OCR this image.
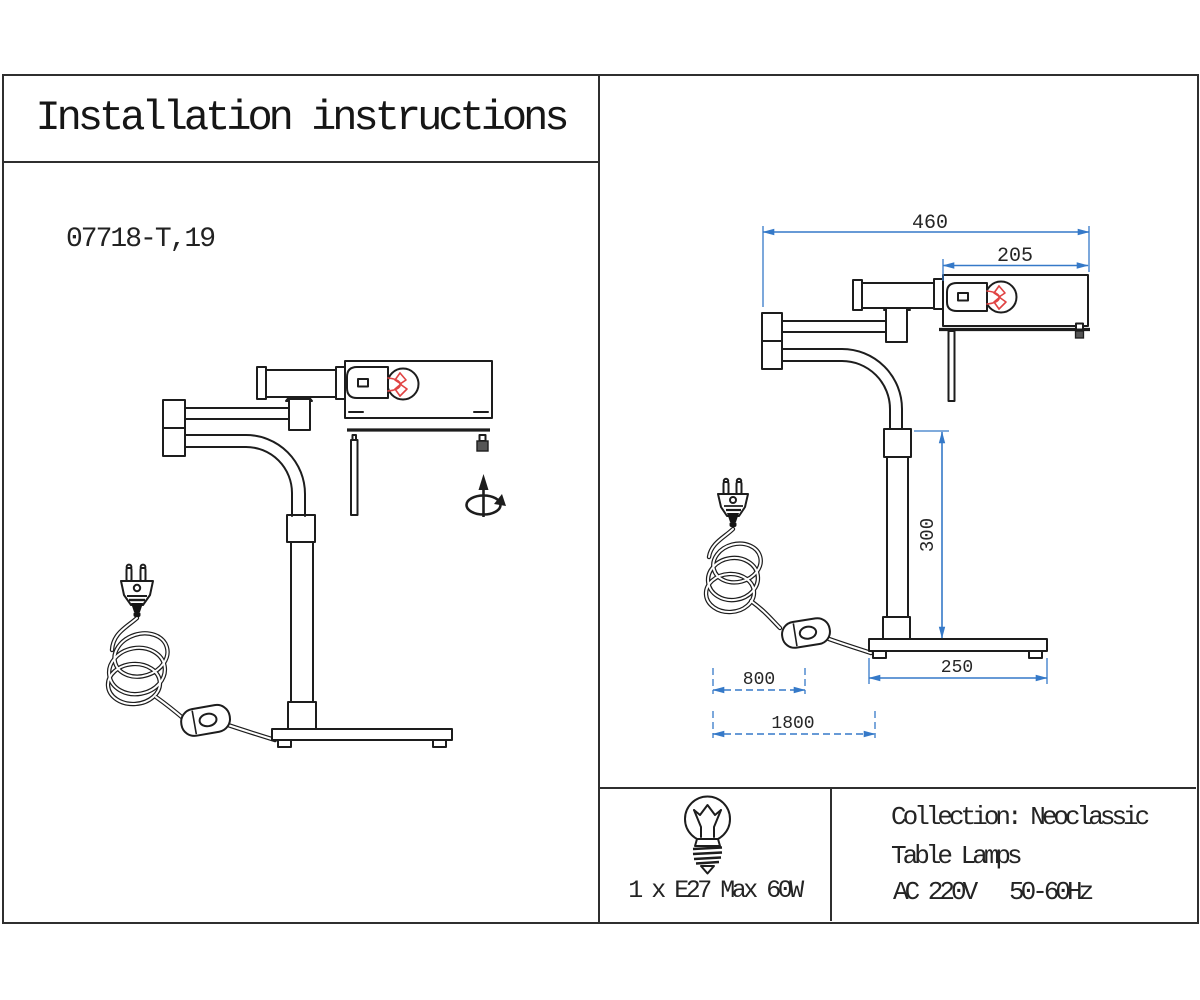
Installation instructions
07718-T,19
460
205
300
250
800
1800
1 x E27 Max 60W
Collection: Neoclassic
Table Lamps
AC 220V   50-60Hz
